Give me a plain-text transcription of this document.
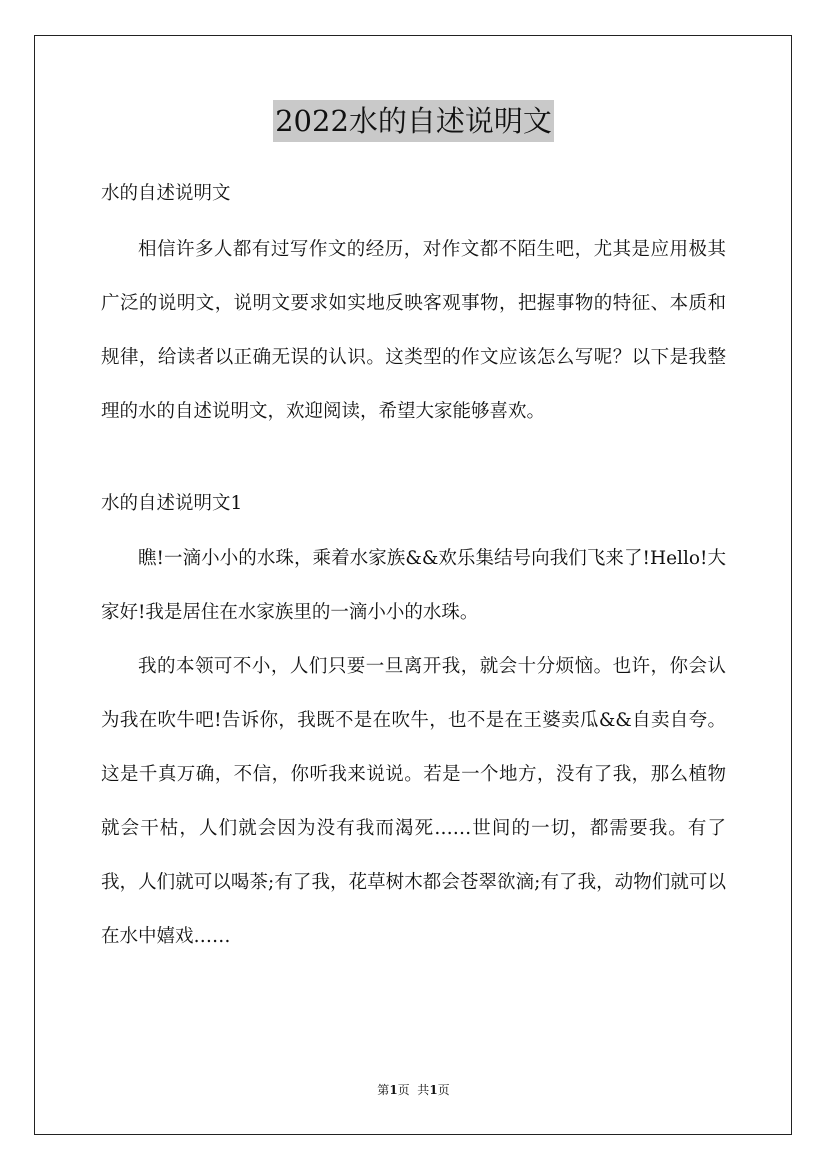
2022水的自述说明文

水的自述说明文

相信许多人都有过写作文的经历，对作文都不陌生吧，尤其是应用极其广泛的说明文，说明文要求如实地反映客观事物，把握事物的特征、本质和规律，给读者以正确无误的认识。这类型的作文应该怎么写呢？以下是我整理的水的自述说明文，欢迎阅读，希望大家能够喜欢。

水的自述说明文1

瞧!一滴小小的水珠，乘着水家族&&欢乐集结号向我们飞来了!Hello!大家好!我是居住在水家族里的一滴小小的水珠。

我的本领可不小，人们只要一旦离开我，就会十分烦恼。也许，你会认为我在吹牛吧!告诉你，我既不是在吹牛，也不是在王婆卖瓜&&自卖自夸。这是千真万确，不信，你听我来说说。若是一个地方，没有了我，那么植物就会干枯，人们就会因为没有我而渴死……世间的一切，都需要我。有了我，人们就可以喝茶;有了我，花草树木都会苍翠欲滴;有了我，动物们就可以在水中嬉戏……

第1页  共1页
